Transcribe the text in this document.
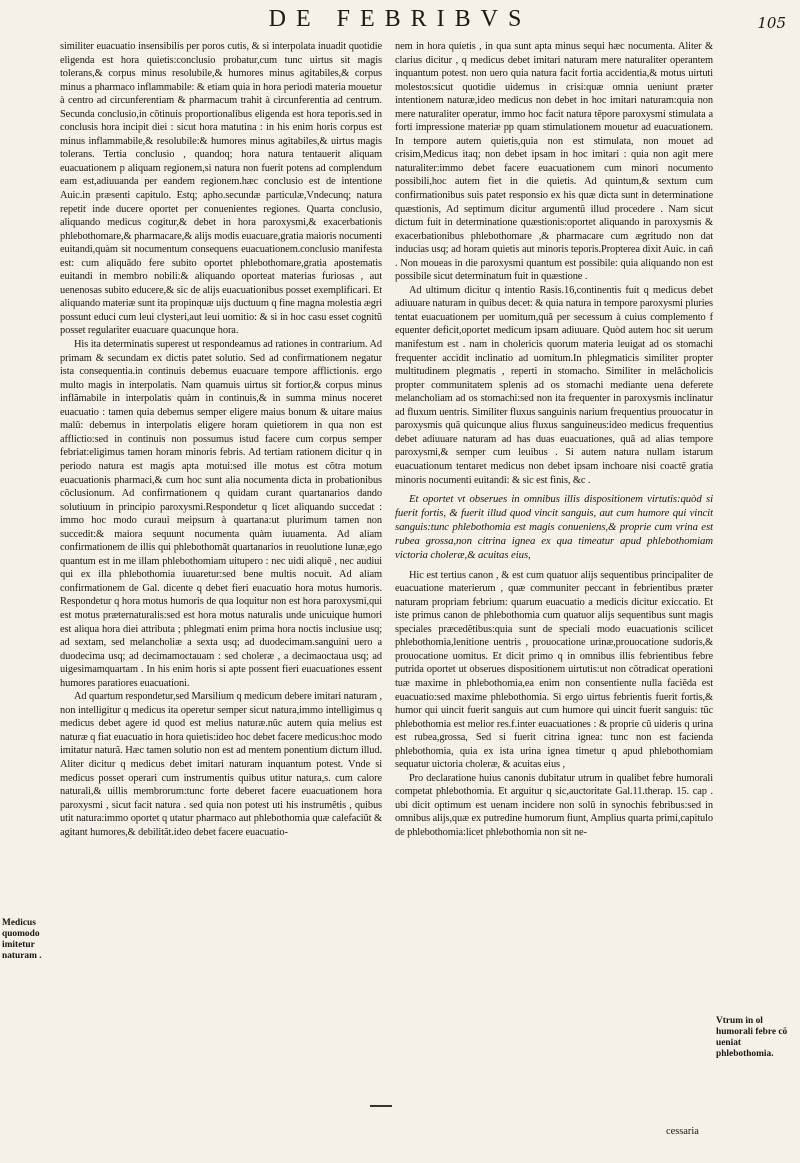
DE FEBRIBVS	105

similiter euacuatio insensibilis per poros cutis, & si interpolata inuadit quotidie eligenda est hora quietis:conclusio probatur,cum tunc uirtus sit magis tolerans,& corpus minus resolubile,& humores minus agitabiles,& corpus minus a pharmaco inflammabile: & etiam quia in hora periodi materia mouetur à centro ad circunferentiam & pharmacum trahit à circunferentia ad centrum. Secunda conclusio,in cõtinuis proportionalibus eligenda est hora teporis.sed in conclusis hora incipit diei : sicut hora matutina : in his enim horis corpus est minus inflammabile,& resolubile:& humores minus agitabiles,& uirtus magis tolerans. Tertia conclusio , quandoq; hora natura tentauerit aliquam euacuationem p aliquam regionem,si natura non fuerit potens ad complendum eam est,adiuuanda per eandem regionem.hæc conclusio est de intentione Auic.in præsenti capitulo. Estq; apho.secundæ particulæ,Vndecunq; natura repetit inde ducere oportet per conuenientes regiones. Quarta conclusio, aliquando medicus cogitur,& debet in hora paroxysmi,& exacerbationis phlebothomare,& pharmacare,& alijs modis euacuare,gratia maioris nocumenti euitandi,quàm sit nocumentum consequens euacuationem.conclusio manifesta est: cum aliquãdo fere subito oportet phlebothomare,gratia apostematis euitandi in membro nobili:& aliquando oporteat materias furiosas , aut uenenosas subito educere,& sic de alijs euacuationibus posset exemplificari. Et aliquando materiæ sunt ita propinquæ uijs ductuum q fine magna molestia ægri possunt educi cum leui clysteri,aut leui uomitio: & si in hoc casu esset cognitũ posset regulariter euacuare quacunque hora.

His ita determinatis superest ut respondeamus ad rationes in contrarium. Ad primam & secundam ex dictis patet solutio. Sed ad confirmationem negatur ista consequentia.in continuis debemus euacuare tempore afflictionis. ergo multo magis in interpolatis. Nam quamuis uirtus sit fortior,& corpus minus inflãmabile in interpolatis quàm in continuis,& in summa minus noceret euacuatio : tamen quia debemus semper eligere maius bonum & uitare maius malũ: debemus in interpolatis eligere horam quietiorem in qua non est afflictio:sed in continuis non possumus istud facere cum corpus semper febriat:eligimus tamen horam minoris febris. Ad tertiam rationem dicitur q in periodo natura est magis apta motui:sed ille motus est cõtra motum euacuationis pharmaci,& cum hoc sunt alia nocumenta dicta in probationibus cõclusionum. Ad confirmationem q quidam curant quartanarios dando solutiuum in principio paroxysmi.Respondetur q licet aliquando succedat : immo hoc modo curaui meipsum à quartana:ut plurimum tamen non succedit:& maiora sequunt nocumenta quàm iuuamenta. Ad aliam confirmationem de illis qui phlebothomãt quartanarios in reuolutione lunæ,ego quantum est in me illam phlebothomiam uitupero : nec uidi aliquẽ , nec audiui qui ex illa phlebothomia iuuaretur:sed bene multis nocuit. Ad aliam confirmationem de Gal. dicente q debet fieri euacuatio hora motus humoris. Respondetur q hora motus humoris de qua loquitur non est hora paroxysmi,qui est motus præternaturalis:sed est hora motus naturalis unde unicuique humori est aliqua hora diei attributa ; phlegmati enim prima hora noctis inclusiue usq; ad sextam, sed melancholiæ a sexta usq; ad duodecimam.sanguini uero a duodecima usq; ad decimamoctauam : sed choleræ , a decimaoctaua usq; ad uigesimamquartam . In his enim horis si apte possent fieri euacuationes essent humores paratiores euacuationi.

Ad quartum respondetur,sed Marsilium q medicum debere imitari naturam , non intelligitur q medicus ita operetur semper sicut natura,immo intelligimus q medicus debet agere id quod est melius naturæ.nũc autem quia melius est naturæ q fiat euacuatio in hora quietis:ideo hoc debet facere medicus:hoc modo imitatur naturã. Hæc tamen solutio non est ad mentem ponentium dictum illud. Aliter dicitur q medicus debet imitari naturam inquantum potest. Vnde si medicus posset operari cum instrumentis quibus utitur natura,s. cum calore naturali,& uillis membrorum:tunc forte deberet facere euacuationem hora paroxysmi , sicut facit natura . sed quia non potest uti his instrumẽtis , quibus utit natura:immo oportet q utatur pharmaco aut phlebothomia quæ calefaciũt & agitant humores,& debilitãt.ideo debet facere euacuatio-

nem in hora quietis , in qua sunt apta minus sequi hæc nocumenta. Aliter & clarius dicitur , q medicus debet imitari naturam mere naturaliter operantem inquantum potest. non uero quia natura facit fortia accidentia,& motus uirtuti molestos:sicut quotidie uidemus in crisi:quæ omnia ueniunt præter intentionem naturæ,ideo medicus non debet in hoc imitari naturam:quia non mere naturaliter operatur, immo hoc facit natura tẽpore paroxysmi stimulata a forti impressione materiæ pp quam stimulationem mouetur ad euacuationem. In tempore autem quietis,quia non est stimulata, non mouet ad crisim,Medicus itaq; non debet ipsam in hoc imitari : quia non agit mere naturaliter:immo debet facere euacuationem cum minori nocumento possibili,hoc autem fiet in die quietis. Ad quintum,& sextum cum confirmationibus suis patet responsio ex his quæ dicta sunt in determinatione quæstionis, Ad septimum dicitur argumentũ illud procedere . Nam sicut dictum fuit in determinatione quæstionis:oportet aliquando in paroxysmis & exacerbationibus phlebothomare ,& pharmacare cum ægritudo non dat inducias usq; ad horam quietis aut minoris teporis.Propterea dixit Auic. in cañ . Non moueas in die paroxysmi quantum est possibile: quia aliquando non est possibile sicut determinatum fuit in quæstione .

Ad ultimum dicitur q intentio Rasis.16,continentis fuit q medicus debet adiuuare naturam in quibus decet: & quia natura in tempore paroxysmi pluries tentat euacuationem per uomitum,quã per secessum à cuius complemento f equenter deficit,oportet medicum ipsam adiuuare. Quòd autem hoc sit uerum manifestum est . nam in cholericis quorum materia leuigat ad os stomachi frequenter accidit inclinatio ad uomitum.In phlegmaticis similiter propter multitudinem plegmatis , reperti in stomacho. Similiter in melãcholicis propter communitatem splenis ad os stomachi mediante uena deferete melancholiam ad os stomachi:sed non ita frequenter in paroxysmis inclinatur ad fluxum uentris. Similiter fluxus sanguinis narium frequentius prouocatur in paroxysmis quã quicunque alius fluxus sanguineus:ideo medicus frequentius debet adiuuare naturam ad has duas euacuationes, quã ad alias tempore paroxysmi,& semper cum leuibus . Si autem natura nullam istarum euacuationum tentaret medicus non debet ipsam inchoare nisi coactẽ gratia minoris nocumenti euitandi: & sic est finis, &c .

Et oportet vt obserues in omnibus illis dispositionem virtutis:quòd si fuerit fortis, & fuerit illud quod vincit sanguis, aut cum humore qui vincit sanguis:tunc phlebothomia est magis conueniens,& proprie cum vrina est rubea grossa,non citrina ignea ex qua timeatur apud phlebothomiam victoria choleræ,& acuitas eius,

Hic est tertius canon , & est cum quatuor alijs sequentibus principaliter de euacuatione materierum , quæ communiter peccant in febrientibus præter naturam propriam febrium: quarum euacuatio a medicis dicitur exiccatio. Et iste primus canon de phlebothomia cum quatuor alijs sequentibus sunt magis speciales præcedẽtibus:quia sunt de speciali modo euacuationis scilicet phlebothomia,lenitione uentris , prouocatione urinæ,prouocatione sudoris,& prouocatione uomitus. Et dicit primo q in omnibus illis febrientibus febre putrida oportet ut obserues dispositionem uirtutis:ut non cõtradicat operationi tuæ maxime in phlebothomia,ea enim non consentiente nulla faciẽda est euacuatio:sed maxime phlebothomia. Si ergo uirtus febrientis fuerit fortis,& humor qui uincit fuerit sanguis aut cum humore qui uincit fuerit sanguis: tũc phlebothomia est melior res.f.inter euacuationes : & proprie cũ uideris q urina est rubea,grossa, Sed si fuerit citrina ignea: tunc non est facienda phlebothomia, quia ex ista urina ignea timetur q apud phlebothomiam sequatur uictoria choleræ, & acuitas eius ,

Pro declaratione huius canonis dubitatur utrum in qualibet febre humorali competat phlebothomia. Et arguitur q sic,auctoritate Gal.11.therap. 15. cap . ubi dicit optimum est uenam incidere non solũ in synochis febribus:sed in omnibus alijs,quæ ex putredine humorum fiunt, Amplius quarta primi,capitulo de phlebothomia:licet phlebothomia non sit ne-

Medicus quomodo imitetur naturam .
Vtrum in ol humorali febre cõ ueniat phlebothomia.
cessaria
